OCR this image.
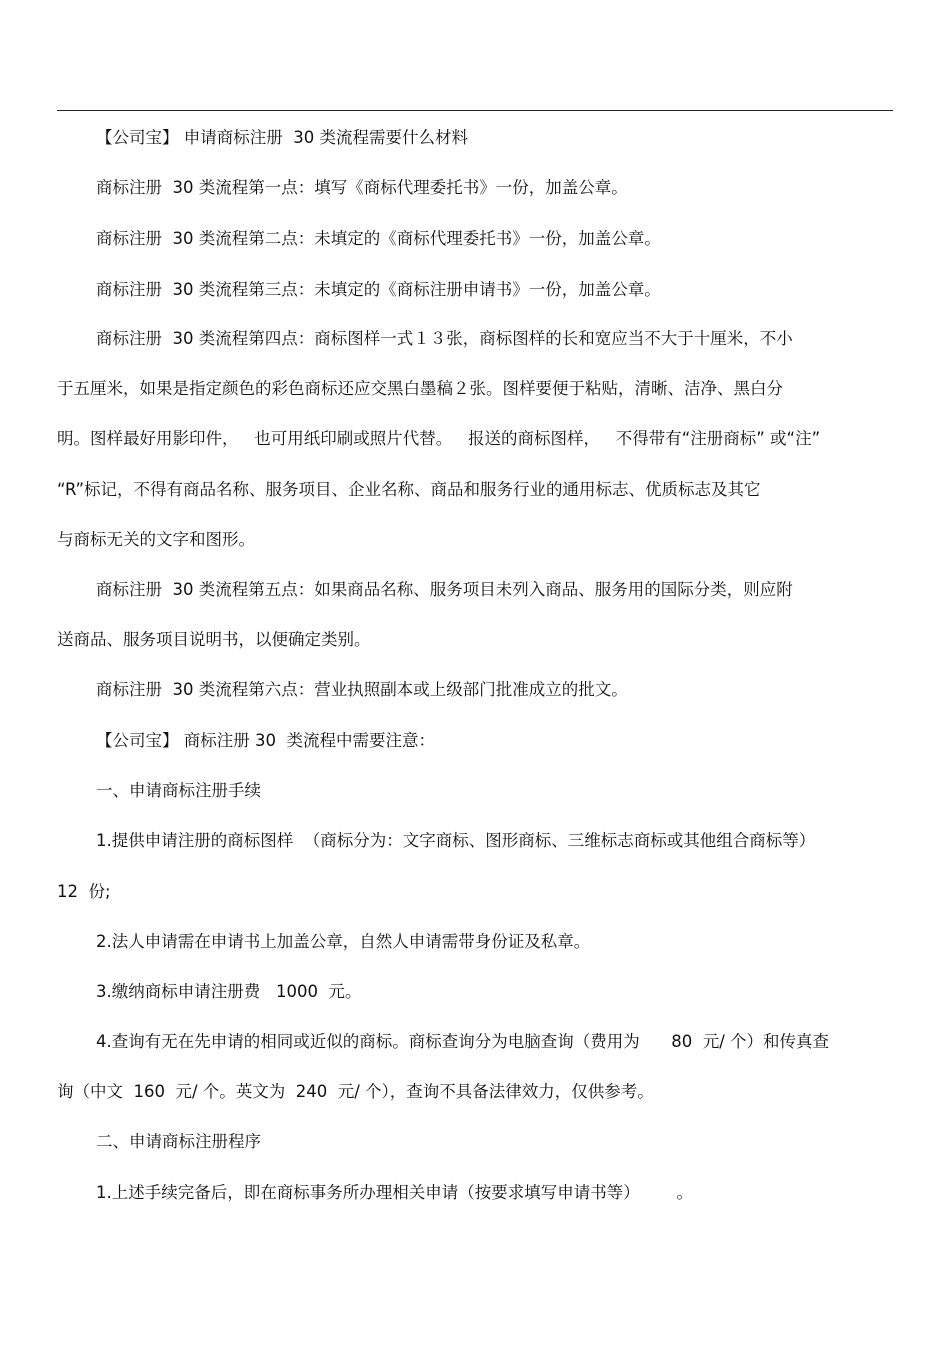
【公司宝】 申请商标注册  30 类流程需要什么材料
商标注册  30 类流程第一点：填写《商标代理委托书》一份，加盖公章。
商标注册  30 类流程第二点：未填定的《商标代理委托书》一份，加盖公章。
商标注册  30 类流程第三点：未填定的《商标注册申请书》一份，加盖公章。
商标注册  30 类流程第四点：商标图样一式１３张，商标图样的长和宽应当不大于十厘米，不小
于五厘米，如果是指定颜色的彩色商标还应交黑白墨稿２张。图样要便于粘贴，清晰、洁净、黑白分
明。图样最好用影印件，   也可用纸印刷或照片代替。   报送的商标图样，   不得带有“注册商标” 或“注”
“R”标记，不得有商品名称、服务项目、企业名称、商品和服务行业的通用标志、优质标志及其它
与商标无关的文字和图形。
商标注册  30 类流程第五点：如果商品名称、服务项目未列入商品、服务用的国际分类，则应附
送商品、服务项目说明书，以便确定类别。
商标注册  30 类流程第六点：营业执照副本或上级部门批准成立的批文。
【公司宝】 商标注册 30  类流程中需要注意：
一、申请商标注册手续
1.提供申请注册的商标图样  （商标分为：文字商标、图形商标、三维标志商标或其他组合商标等）
12  份;
2.法人申请需在申请书上加盖公章，自然人申请需带身份证及私章。
3.缴纳商标申请注册费   1000  元。
4.查询有无在先申请的相同或近似的商标。商标查询分为电脑查询（费用为      80  元/ 个）和传真查
询（中文  160  元/ 个。英文为  240  元/ 个），查询不具备法律效力，仅供参考。
二、申请商标注册程序
1.上述手续完备后，即在商标事务所办理相关申请（按要求填写申请书等）       。
